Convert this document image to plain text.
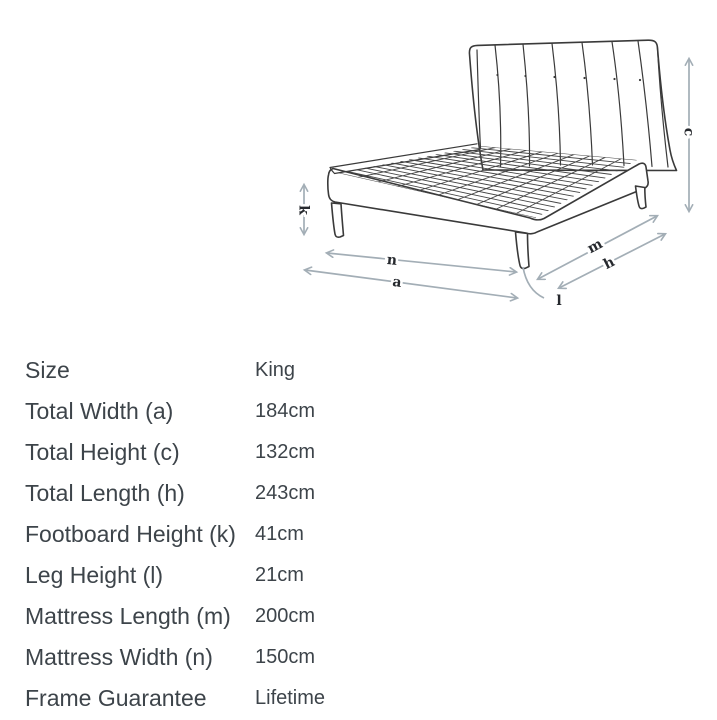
k
c
n
a
m
h
l
Size	King
Total Width (a)	184cm
Total Height (c)	132cm
Total Length (h)	243cm
Footboard Height (k) 41cm
Leg Height (l)	21cm
Mattress Length (m)	200cm
Mattress Width (n)	150cm
Frame Guarantee	Lifetime
